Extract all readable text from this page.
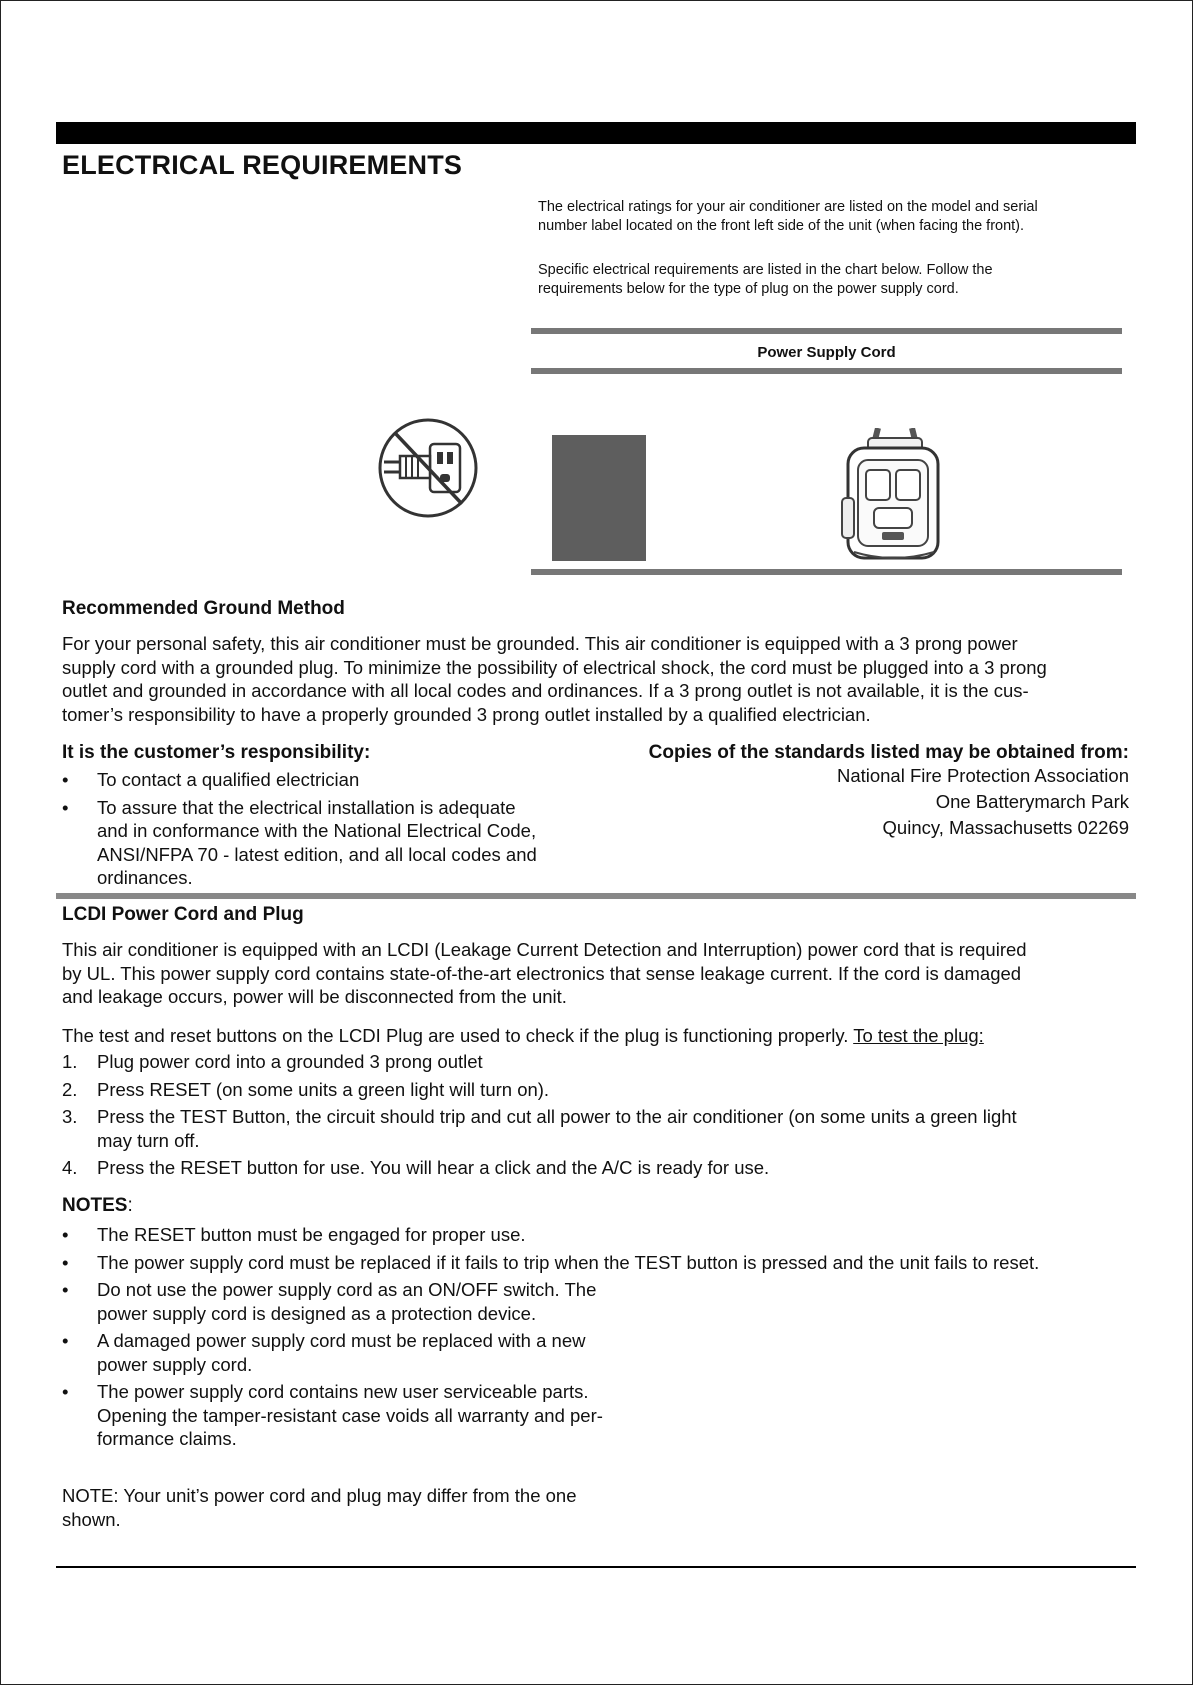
ELECTRICAL REQUIREMENTS

The electrical ratings for your air conditioner are listed on the model and serial

number label located on the front left side of the unit (when facing the front).

Specific electrical requirements are listed in the chart below. Follow the

requirements below for the type of plug on the power supply cord.

Power Supply Cord
Recommended Ground Method

For your personal safety, this air conditioner must be grounded. This air conditioner is equipped with a 3 prong power

supply cord with a grounded plug. To minimize the possibility of electrical shock, the cord must be plugged into a 3 prong

outlet and grounded in accordance with all local codes and ordinances. If a 3 prong outlet is not available, it is the cus-

tomer’s responsibility to have a properly grounded 3 prong outlet installed by a qualified electrician.

It is the customer’s responsibility:
•	To contact a qualified electrician
•	To assure that the electrical installation is adequate
and in conformance with the National Electrical Code,
ANSI/NFPA 70 - latest edition, and all local codes and
ordinances.
Copies of the standards listed may be obtained from:
National Fire Protection Association
One Batterymarch Park
Quincy, Massachusetts 02269
LCDI Power Cord and Plug

This air conditioner is equipped with an LCDI (Leakage Current Detection and Interruption) power cord that is required

by UL. This power supply cord contains state-of-the-art electronics that sense leakage current. If the cord is damaged

and leakage occurs, power will be disconnected from the unit.

The test and reset buttons on the LCDI Plug are used to check if the plug is functioning properly. To test the plug:
1.	Plug power cord into a grounded 3 prong outlet
2.	Press RESET (on some units a green light will turn on).
3.	Press the TEST Button, the circuit should trip and cut all power to the air conditioner (on some units a green light
may turn off.
4.	Press the RESET button for use. You will hear a click and the A/C is ready for use.
NOTES:
•	The RESET button must be engaged for proper use.
•	The power supply cord must be replaced if it fails to trip when the TEST button is pressed and the unit fails to reset.
•	Do not use the power supply cord as an ON/OFF switch. The
power supply cord is designed as a protection device.
•	A damaged power supply cord must be replaced with a new
power supply cord.
•	The power supply cord contains new user serviceable parts.
Opening the tamper-resistant case voids all warranty and per-
formance claims.

NOTE: Your unit’s power cord and plug may differ from the one

shown.
